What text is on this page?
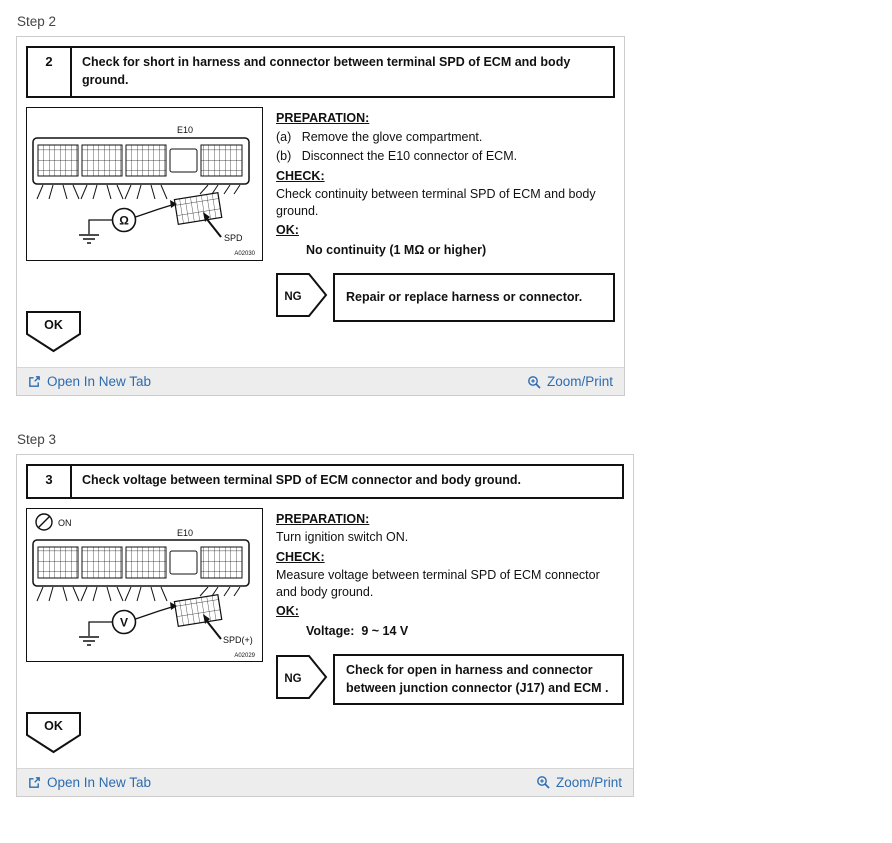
Step 2
2	Check for short in harness and connector between terminal SPD of ECM and body ground.
E10
Ω
SPD
A02030
OK
PREPARATION:
(a)   Remove the glove compartment.
(b)   Disconnect the E10 connector of ECM.
CHECK:
Check continuity between terminal SPD of ECM and body ground.
OK:
No continuity (1 MΩ or higher)
NG	Repair or replace harness or connector.
Open In New Tab	Zoom/Print
Step 3
3	Check voltage between terminal SPD of ECM connector and body ground.
ON
E10
V
SPD(+)
A02029
OK
PREPARATION:
Turn ignition switch ON.
CHECK:
Measure voltage between terminal SPD of ECM connector and body ground.
OK:
Voltage:  9 ~ 14 V
NG
Check for open in harness and connector between junction connector (J17) and ECM .
Open In New Tab	Zoom/Print
